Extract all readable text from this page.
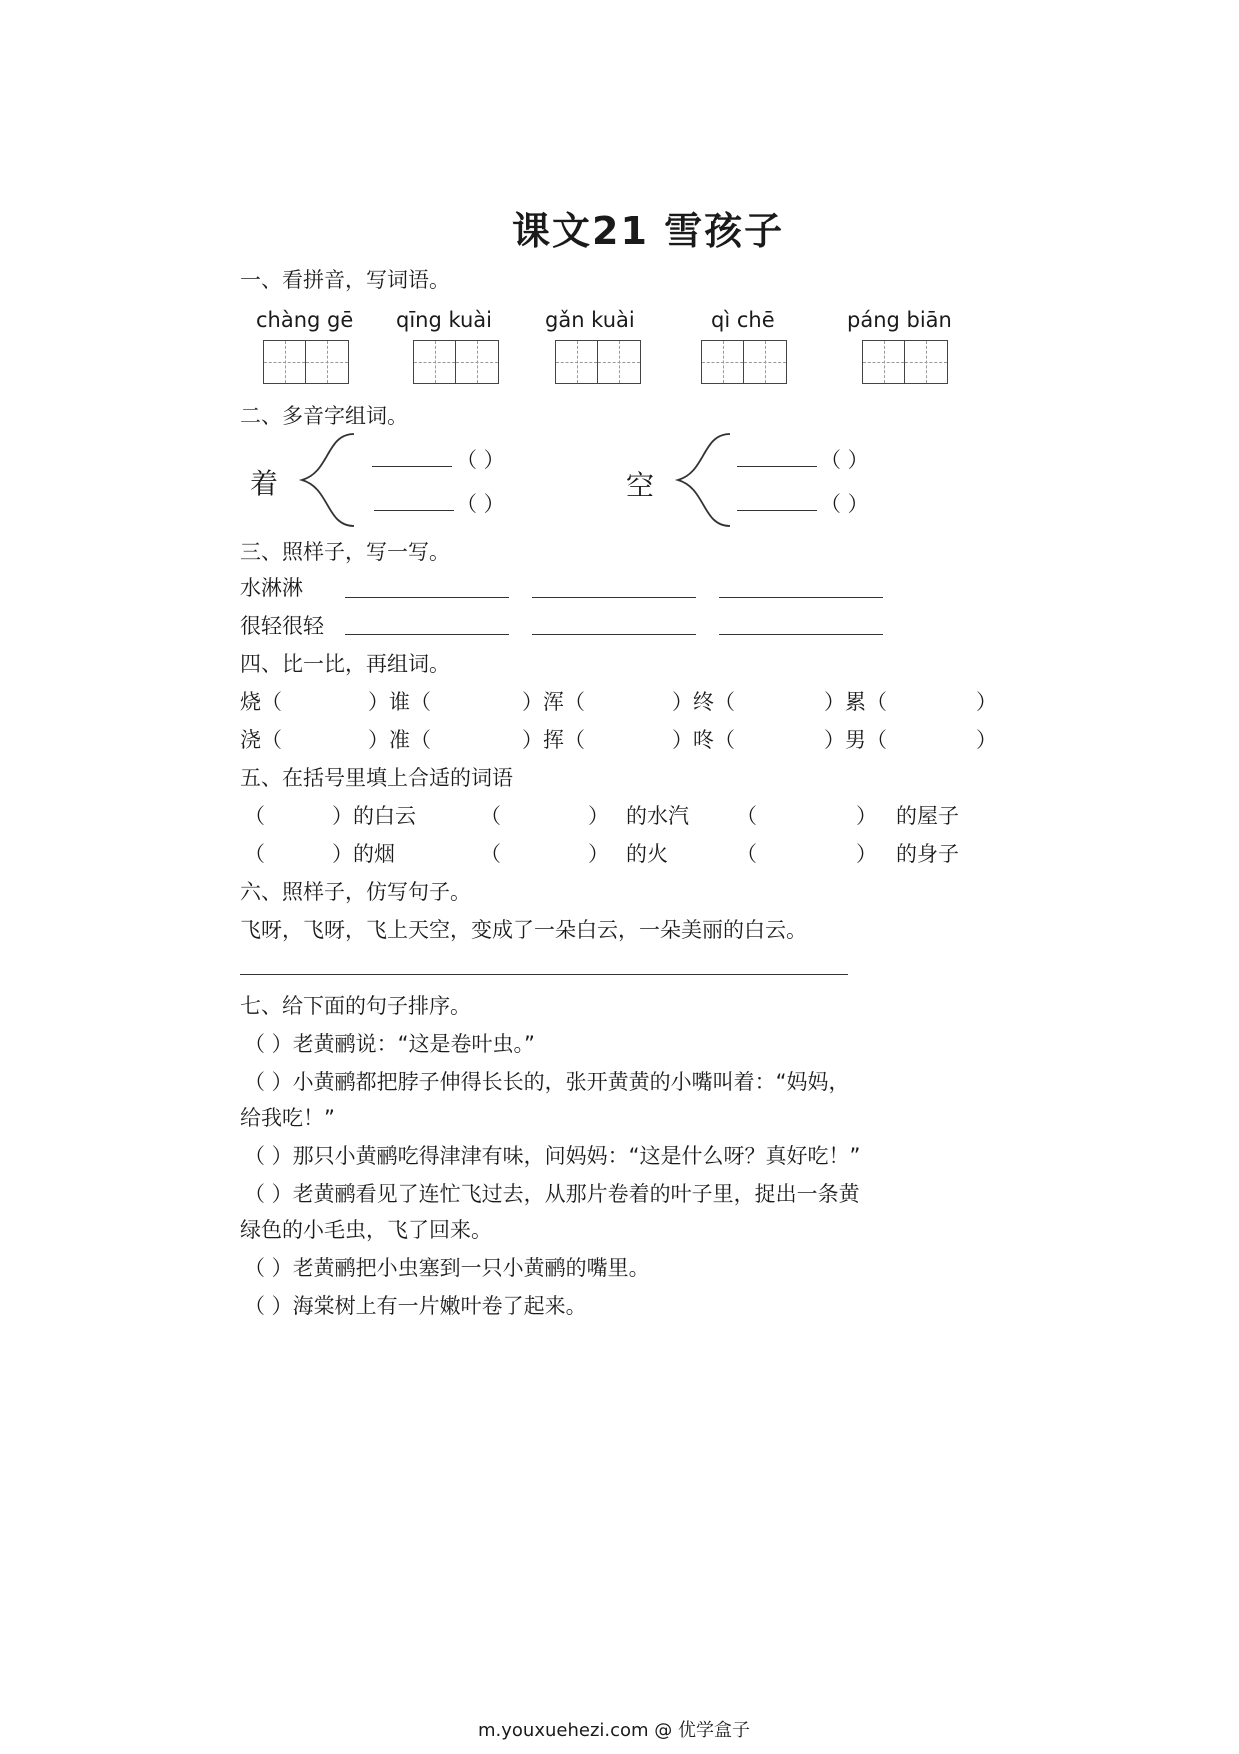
课文21 雪孩子
一、看拼音，写词语。
chàng gē qīng kuài	gǎn kuài	qì chē	páng biān
二、多音字组词。
着
（ ）
（ ）
空
（ ）
（ ）
三、照样子，写一写。
水淋淋
很轻很轻
四、比一比，再组词。
烧（	）谁（	）浑（	）终（	）累（	）
浇（	）准（	）挥（	）咚（	）男（	）
五、在括号里填上合适的词语
（	）的白云	（	） 的水汽 （	） 的屋子
（	）的烟	（	） 的火	（	） 的身子
六、照样子，仿写句子。
飞呀，飞呀，飞上天空，变成了一朵白云，一朵美丽的白云。
七、给下面的句子排序。
（ ）老黄鹂说：“这是卷叶虫。”
（ ）小黄鹂都把脖子伸得长长的，张开黄黄的小嘴叫着：“妈妈，
给我吃！”
（ ）那只小黄鹂吃得津津有味，问妈妈：“这是什么呀？真好吃！”
（ ）老黄鹂看见了连忙飞过去，从那片卷着的叶子里，捉出一条黄
绿色的小毛虫，飞了回来。
（ ）老黄鹂把小虫塞到一只小黄鹂的嘴里。
（ ）海棠树上有一片嫩叶卷了起来。
m.youxuehezi.com @ 优学盒子
